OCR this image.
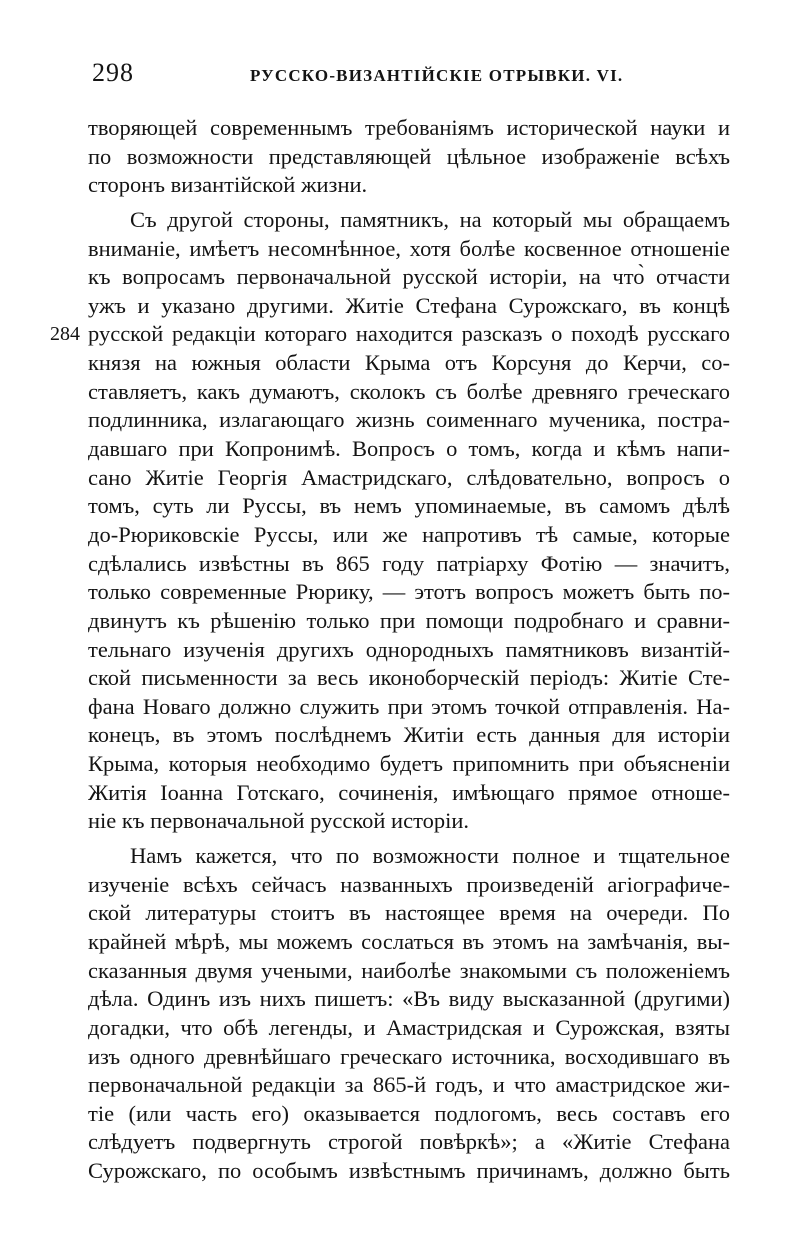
298	РУССКО-ВИЗАНТІЙСКІЕ ОТРЫВКИ. VI.
творяющей современнымъ требованіямъ исторической науки и
по возможности представляющей цѣльное изображеніе всѣхъ
сторонъ византійской жизни.
Съ другой стороны, памятникъ, на который мы обращаемъ
вниманіе, имѣетъ несомнѣнное, хотя болѣе косвенное отношеніе
къ вопросамъ первоначальной русской исторіи, на что̀ отчасти
ужъ и указано другими. Житіе Стефана Сурожскаго, въ концѣ
284 русской редакціи котораго находится разсказъ о походѣ русскаго
князя на южныя области Крыма отъ Корсуня до Керчи, со-
ставляетъ, какъ думаютъ, сколокъ съ болѣе древняго греческаго
подлинника, излагающаго жизнь соименнаго мученика, постра-
давшаго при Копронимѣ. Вопросъ о томъ, когда и кѣмъ напи-
сано Житіе Георгія Амастридскаго, слѣдовательно, вопросъ о
томъ, суть ли Руссы, въ немъ упоминаемые, въ самомъ дѣлѣ
до-Рюриковскіе Руссы, или же напротивъ тѣ самые, которые
сдѣлались извѣстны въ 865 году патріарху Фотію — значитъ,
только современные Рюрику, — этотъ вопросъ можетъ быть по-
двинутъ къ рѣшенію только при помощи подробнаго и сравни-
тельнаго изученія другихъ однородныхъ памятниковъ византій-
ской письменности за весь иконоборческій періодъ: Житіе Сте-
фана Новаго должно служить при этомъ точкой отправленія. На-
конецъ, въ этомъ послѣднемъ Житіи есть данныя для исторіи
Крыма, которыя необходимо будетъ припомнить при объясненіи
Житія Іоанна Готскаго, сочиненія, имѣющаго прямое отноше-
ніе къ первоначальной русской исторіи.
Намъ кажется, что по возможности полное и тщательное
изученіе всѣхъ сейчасъ названныхъ произведеній агіографиче-
ской литературы стоитъ въ настоящее время на очереди. По
крайней мѣрѣ, мы можемъ сослаться въ этомъ на замѣчанія, вы-
сказанныя двумя учеными, наиболѣе знакомыми съ положеніемъ
дѣла. Одинъ изъ нихъ пишетъ: «Въ виду высказанной (другими)
догадки, что обѣ легенды, и Амастридская и Сурожская, взяты
изъ одного древнѣйшаго греческаго источника, восходившаго въ
первоначальной редакціи за 865-й годъ, и что амастридское жи-
тіе (или часть его) оказывается подлогомъ, весь составъ его
слѣдуетъ подвергнуть строгой повѣркѣ»; а «Житіе Стефана
Сурожскаго, по особымъ извѣстнымъ причинамъ, должно быть
